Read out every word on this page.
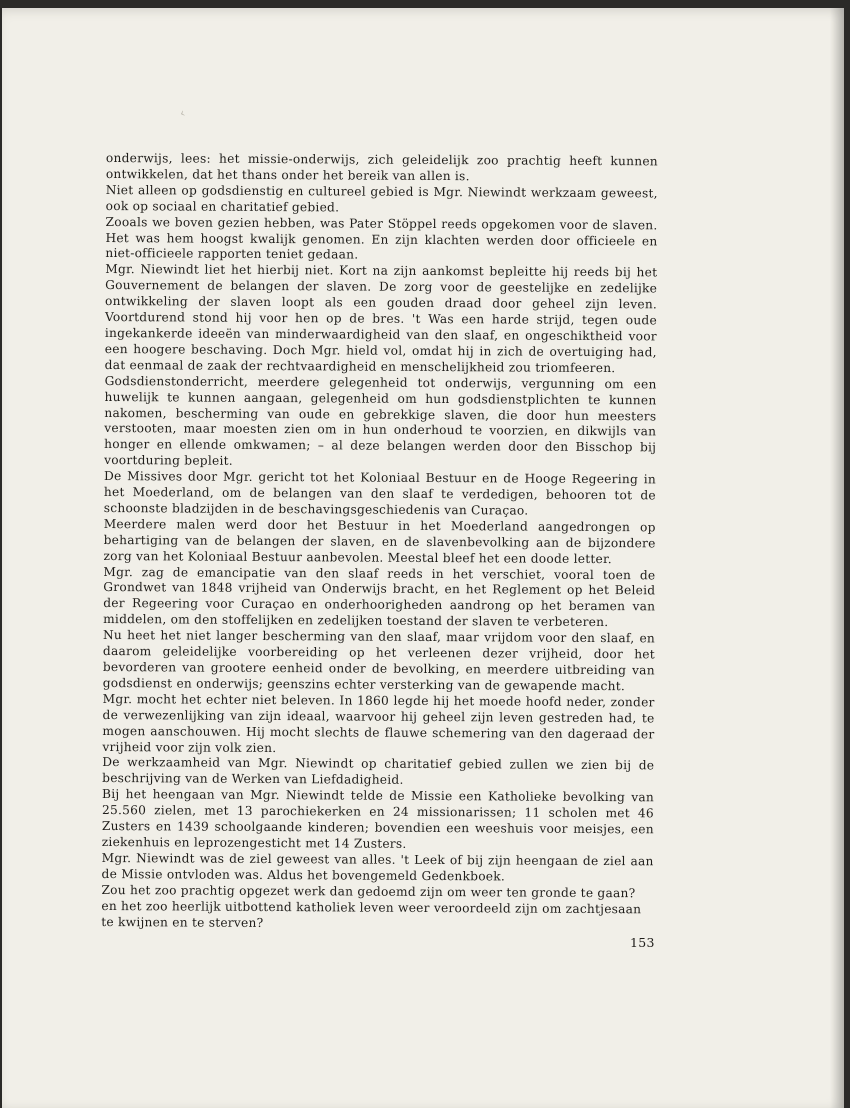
‹

onderwijs, lees: het missie-onderwijs, zich geleidelijk zoo prachtig heeft kunnen ontwikkelen, dat het thans onder het bereik van allen is.

Niet alleen op godsdienstig en cultureel gebied is Mgr. Niewindt werkzaam geweest, ook op sociaal en charitatief gebied.

Zooals we boven gezien hebben, was Pater Stöppel reeds opgekomen voor de slaven. Het was hem hoogst kwalijk genomen. En zijn klachten werden door officieele en niet-officieele rapporten teniet gedaan.

Mgr. Niewindt liet het hierbij niet. Kort na zijn aankomst bepleitte hij reeds bij het Gouvernement de belangen der slaven. De zorg voor de geestelijke en zedelijke ontwikkeling der slaven loopt als een gouden draad door geheel zijn leven. Voortdurend stond hij voor hen op de bres. 't Was een harde strijd, tegen oude ingekankerde ideeën van minderwaardigheid van den slaaf, en ongeschiktheid voor een hoogere beschaving. Doch Mgr. hield vol, omdat hij in zich de overtuiging had, dat eenmaal de zaak der rechtvaardigheid en menschelijkheid zou triomfeeren.

Godsdienstonderricht, meerdere gelegenheid tot onderwijs, vergunning om een huwelijk te kunnen aangaan, gelegenheid om hun godsdienstplichten te kunnen nakomen, bescherming van oude en gebrekkige slaven, die door hun meesters verstooten, maar moesten zien om in hun onderhoud te voorzien, en dikwijls van honger en ellende omkwamen; – al deze belangen werden door den Bisschop bij voortduring bepleit.

De Missives door Mgr. gericht tot het Koloniaal Bestuur en de Hooge Regeering in het Moederland, om de belangen van den slaaf te verdedigen, behooren tot de schoonste bladzijden in de beschavingsgeschiedenis van Curaçao.

Meerdere malen werd door het Bestuur in het Moederland aangedrongen op behartiging van de belangen der slaven, en de slavenbevolking aan de bijzondere zorg van het Koloniaal Bestuur aanbevolen. Meestal bleef het een doode letter.

Mgr. zag de emancipatie van den slaaf reeds in het verschiet, vooral toen de Grondwet van 1848 vrijheid van Onderwijs bracht, en het Reglement op het Beleid der Regeering voor Curaçao en onderhoorigheden aandrong op het beramen van middelen, om den stoffelijken en zedelijken toestand der slaven te verbeteren.

Nu heet het niet langer bescherming van den slaaf, maar vrijdom voor den slaaf, en daarom geleidelijke voorbereiding op het verleenen dezer vrijheid, door het bevorderen van grootere eenheid onder de bevolking, en meerdere uitbreiding van godsdienst en onderwijs; geenszins echter versterking van de gewapende macht.

Mgr. mocht het echter niet beleven. In 1860 legde hij het moede hoofd neder, zonder de verwezenlijking van zijn ideaal, waarvoor hij geheel zijn leven gestreden had, te mogen aanschouwen. Hij mocht slechts de flauwe schemering van den dageraad der vrijheid voor zijn volk zien.

De werkzaamheid van Mgr. Niewindt op charitatief gebied zullen we zien bij de beschrijving van de Werken van Liefdadigheid.

Bij het heengaan van Mgr. Niewindt telde de Missie een Katholieke bevolking van 25.560 zielen, met 13 parochiekerken en 24 missionarissen; 11 scholen met 46 Zusters en 1439 schoolgaande kinderen; bovendien een weeshuis voor meisjes, een ziekenhuis en leprozengesticht met 14 Zusters.

Mgr. Niewindt was de ziel geweest van alles. 't Leek of bij zijn heengaan de ziel aan de Missie ontvloden was. Aldus het bovengemeld Gedenkboek.

Zou het zoo prachtig opgezet werk dan gedoemd zijn om weer ten gronde te gaan? en het zoo heerlijk uitbottend katholiek leven weer veroordeeld zijn om zachtjesaan te kwijnen en te sterven?

153
